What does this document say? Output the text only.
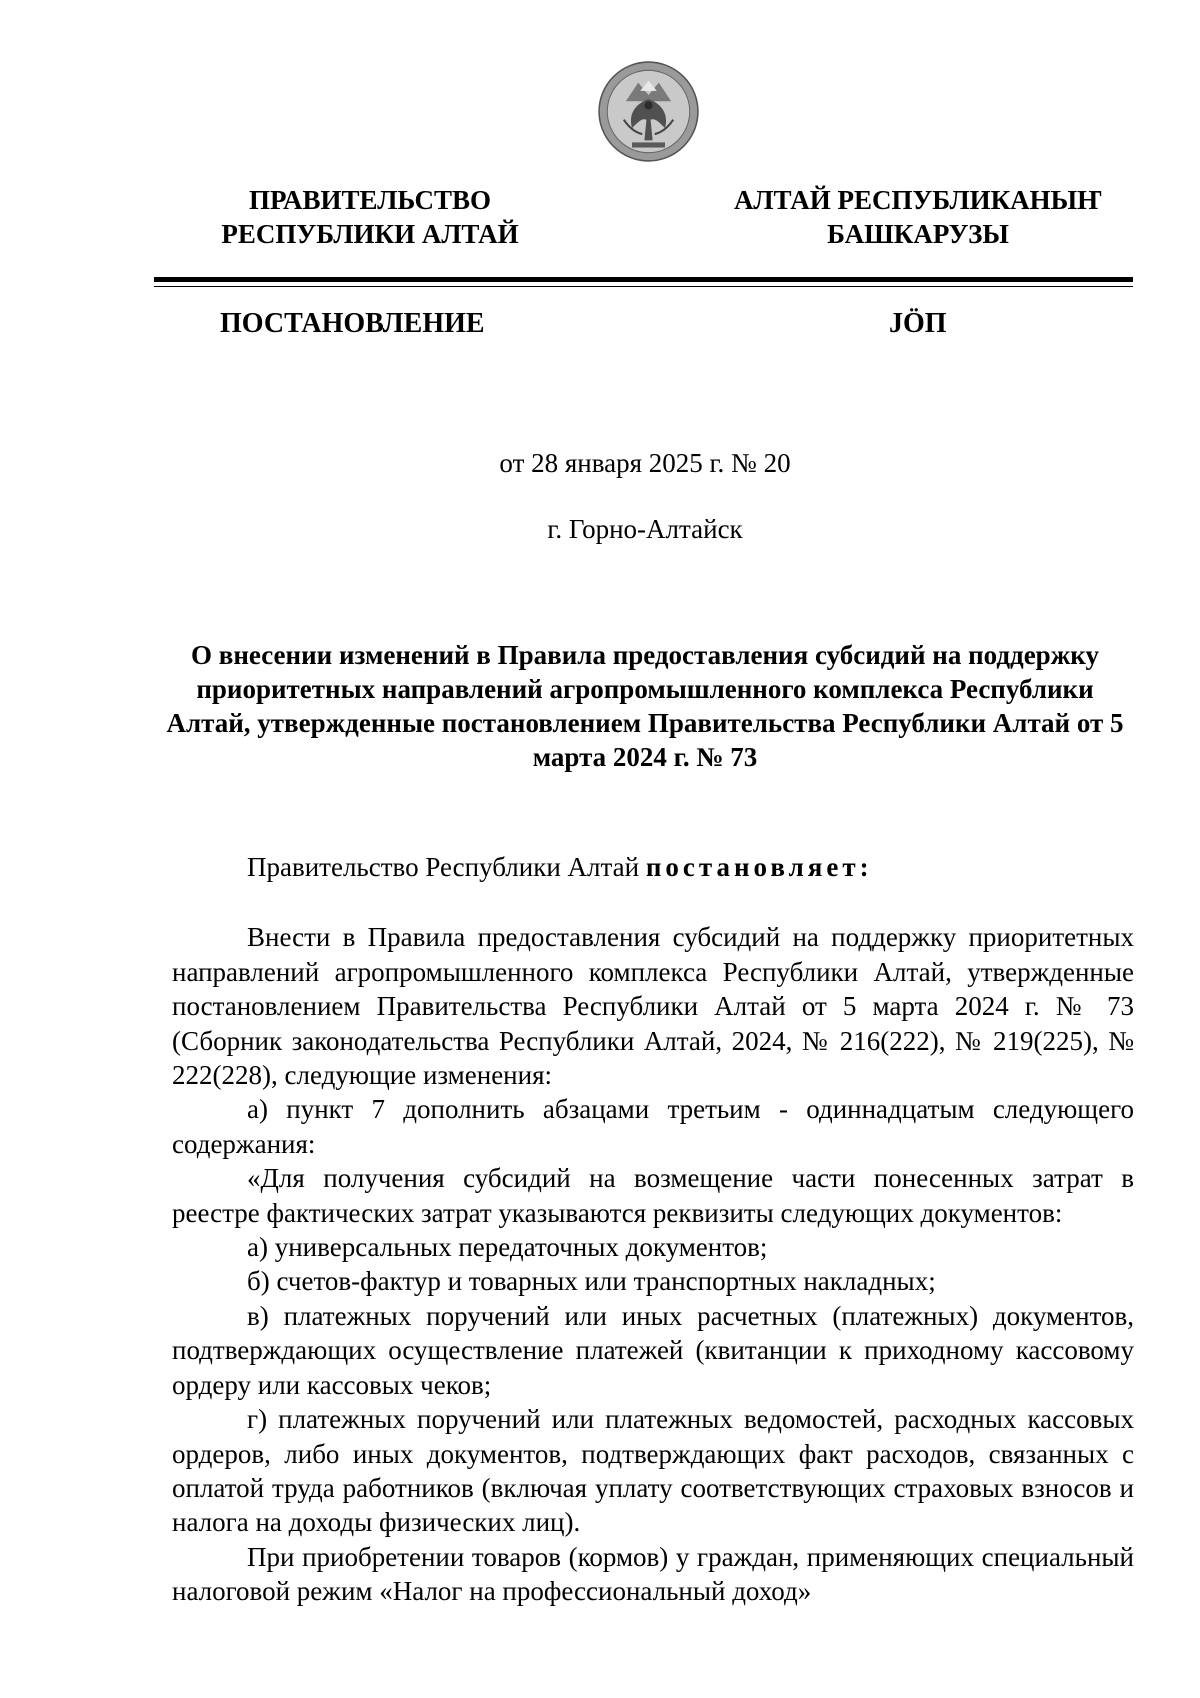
ПРАВИТЕЛЬСТВО
РЕСПУБЛИКИ АЛТАЙ
АЛТАЙ РЕСПУБЛИКАНЫҤ
БАШКАРУЗЫ
ПОСТАНОВЛЕНИЕ	JÖП
от 28 января 2025 г. № 20
г. Горно-Алтайск
О внесении изменений в Правила предоставления субсидий на поддержку приоритетных направлений агропромышленного комплекса Республики Алтай, утвержденные постановлением Правительства Республики Алтай от 5 марта 2024 г. № 73

Правительство Республики Алтай постановляет:

Внести в Правила предоставления субсидий на поддержку приоритетных направлений агропромышленного комплекса Республики Алтай, утвержденные постановлением Правительства Республики Алтай от 5 марта 2024 г. № 73 (Сборник законодательства Республики Алтай, 2024, № 216(222), № 219(225), № 222(228), следующие изменения:

а) пункт 7 дополнить абзацами третьим - одиннадцатым следующего содержания:

«Для получения субсидий на возмещение части понесенных затрат в реестре фактических затрат указываются реквизиты следующих документов:

а) универсальных передаточных документов;

б) счетов-фактур и товарных или транспортных накладных;

в) платежных поручений или иных расчетных (платежных) документов, подтверждающих осуществление платежей (квитанции к приходному кассовому ордеру или кассовых чеков;

г) платежных поручений или платежных ведомостей, расходных кассовых ордеров, либо иных документов, подтверждающих факт расходов, связанных с оплатой труда работников (включая уплату соответствующих страховых взносов и налога на доходы физических лиц).

При приобретении товаров (кормов) у граждан, применяющих специальный налоговой режим «Налог на профессиональный доход»
